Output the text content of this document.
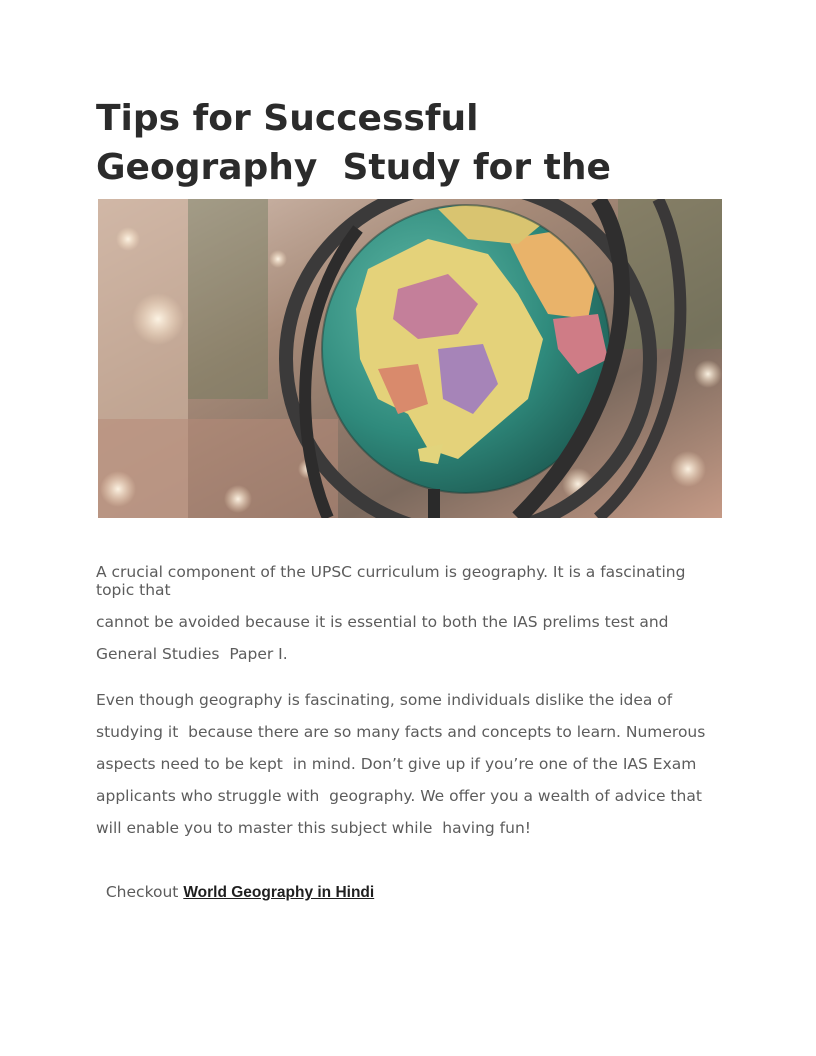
Tips for Successful
Geography  Study for the
A crucial component of the UPSC curriculum is geography. It is a fascinating
topic that
cannot be avoided because it is essential to both the IAS prelims test and
General Studies  Paper I.
Even though geography is fascinating, some individuals dislike the idea of
studying it  because there are so many facts and concepts to learn. Numerous
aspects need to be kept  in mind. Don’t give up if you’re one of the IAS Exam
applicants who struggle with  geography. We offer you a wealth of advice that
will enable you to master this subject while  having fun!

Checkout World Geography in Hindi
